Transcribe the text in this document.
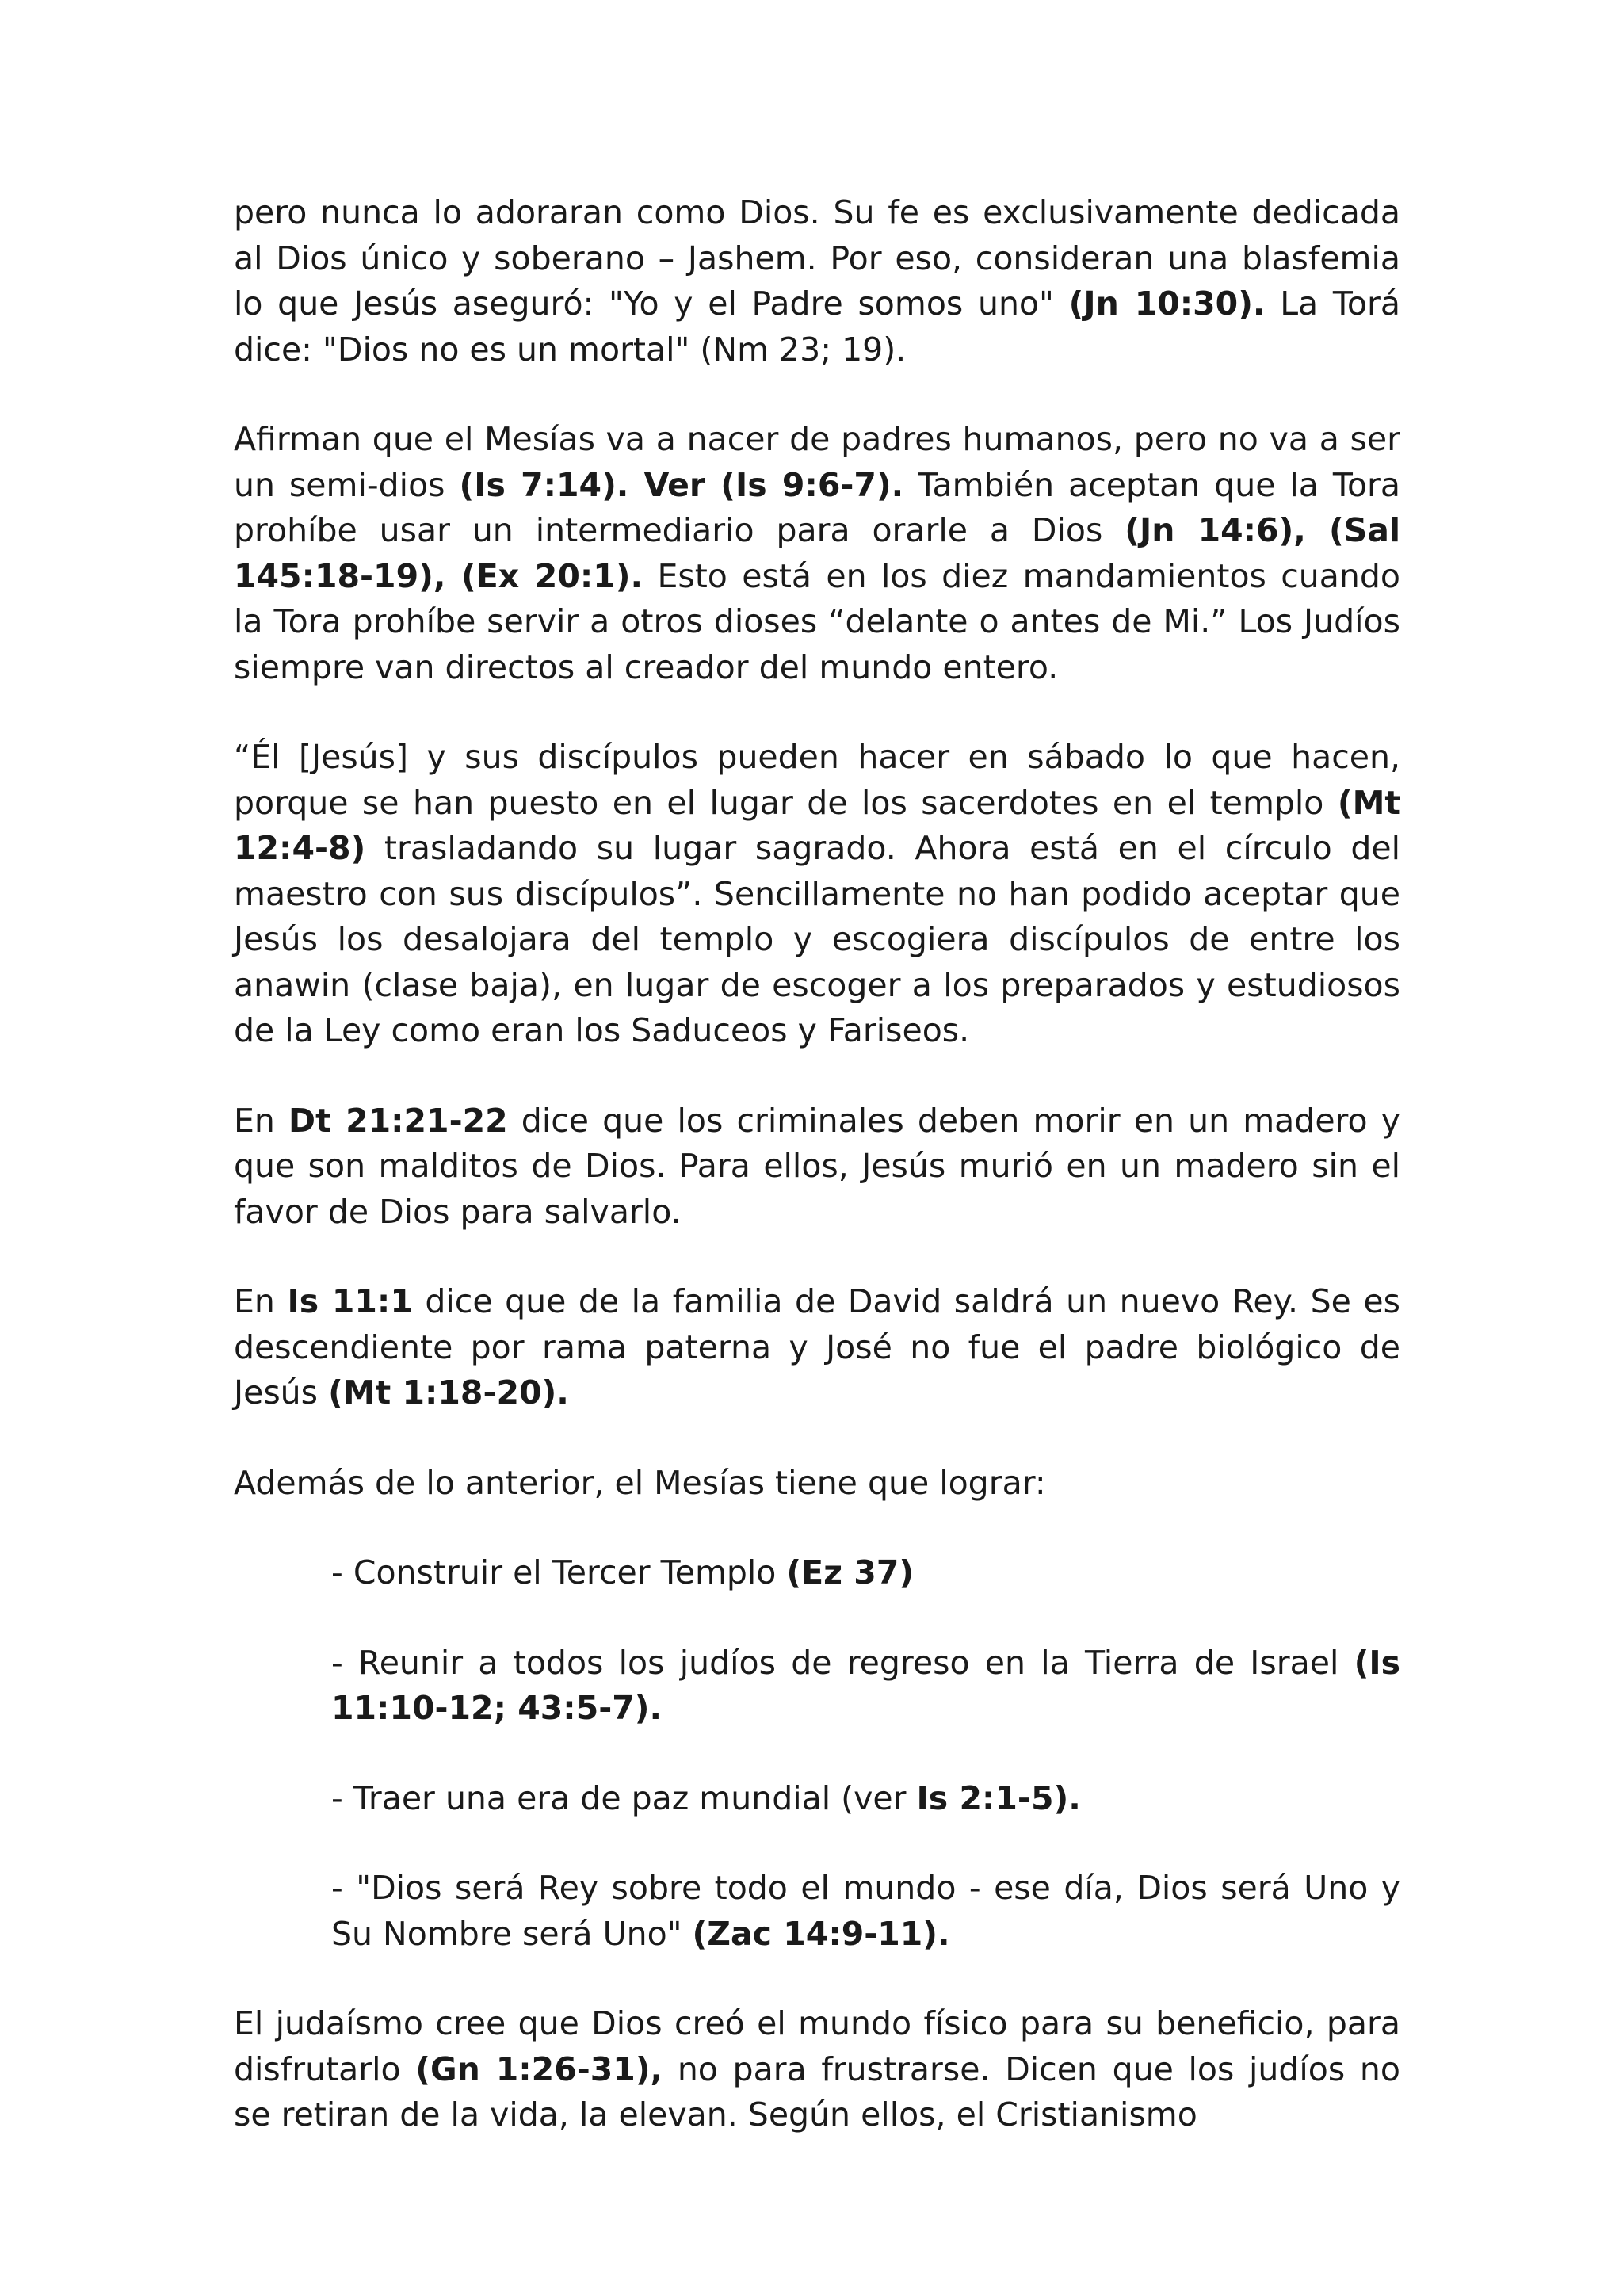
pero nunca lo adoraran como Dios. Su fe es exclusivamente dedicada al Dios único y soberano – Jashem. Por eso, consideran una blasfemia lo que Jesús aseguró: "Yo y el Padre somos uno" (Jn 10:30). La Torá dice: "Dios no es un mortal" (Nm 23; 19).

Afirman que el Mesías va a nacer de padres humanos, pero no va a ser un semi-dios (Is 7:14). Ver (Is 9:6-7). También aceptan que la Tora prohíbe usar un intermediario para orarle a Dios (Jn 14:6), (Sal 145:18-19), (Ex 20:1). Esto está en los diez mandamientos cuando la Tora prohíbe servir a otros dioses “delante o antes de Mi.” Los Judíos siempre van directos al creador del mundo entero.

“Él [Jesús] y sus discípulos pueden hacer en sábado lo que hacen, porque se han puesto en el lugar de los sacerdotes en el templo (Mt 12:4-8) trasladando su lugar sagrado. Ahora está en el círculo del maestro con sus discípulos”. Sencillamente no han podido aceptar que Jesús los desalojara del templo y escogiera discípulos de entre los anawin (clase baja), en lugar de escoger a los preparados y estudiosos de la Ley como eran los Saduceos y Fariseos.

En Dt 21:21-22 dice que los criminales deben morir en un madero y que son malditos de Dios. Para ellos, Jesús murió en un madero sin el favor de Dios para salvarlo.

En Is 11:1 dice que de la familia de David saldrá un nuevo Rey. Se es descendiente por rama paterna y José no fue el padre biológico de Jesús (Mt 1:18-20).

Además de lo anterior, el Mesías tiene que lograr:

- Construir el Tercer Templo (Ez 37)

- Reunir a todos los judíos de regreso en la Tierra de Israel (Is 11:10-12; 43:5-7).

- Traer una era de paz mundial (ver Is 2:1-5).

- "Dios será Rey sobre todo el mundo - ese día, Dios será Uno y Su Nombre será Uno" (Zac 14:9-11).

El judaísmo cree que Dios creó el mundo físico para su beneficio, para disfrutarlo (Gn 1:26-31), no para frustrarse. Dicen que los judíos no se retiran de la vida, la elevan. Según ellos, el Cristianismo
